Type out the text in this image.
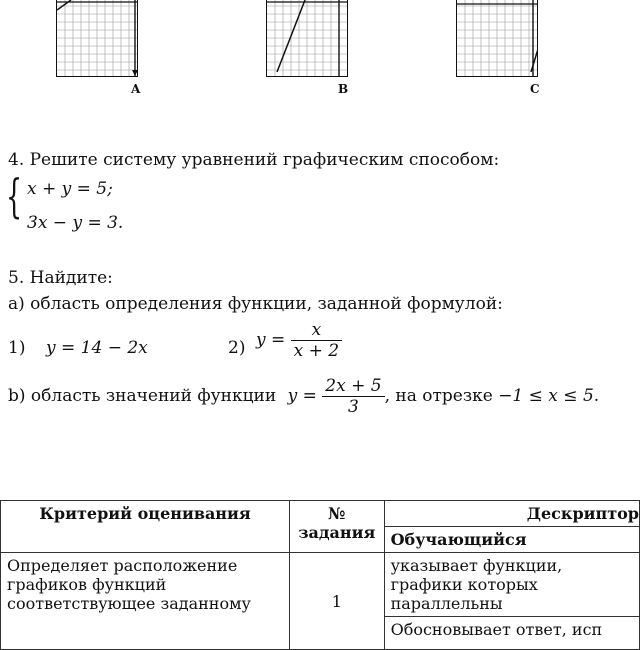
A	B	C
4. Решите систему уравнений графическим способом:
{ x + y = 5;
3x − y = 3.
5. Найдите:
а) область определения функции, заданной формулой:
1) y = 14 − 2x	2) $y = \frac{x}{x + 2}$
b) область значений функции $y = \frac{2x + 5}{3}$ , на отрезке −1 ≤ x ≤ 5.
Критерий оценивания	№ задания	Дескриптор
		Обучающийся
Определяет расположение графиков функций соответствующее заданному	1	указывает функции, графики которых параллельны
		Обосновывает ответ, исп
